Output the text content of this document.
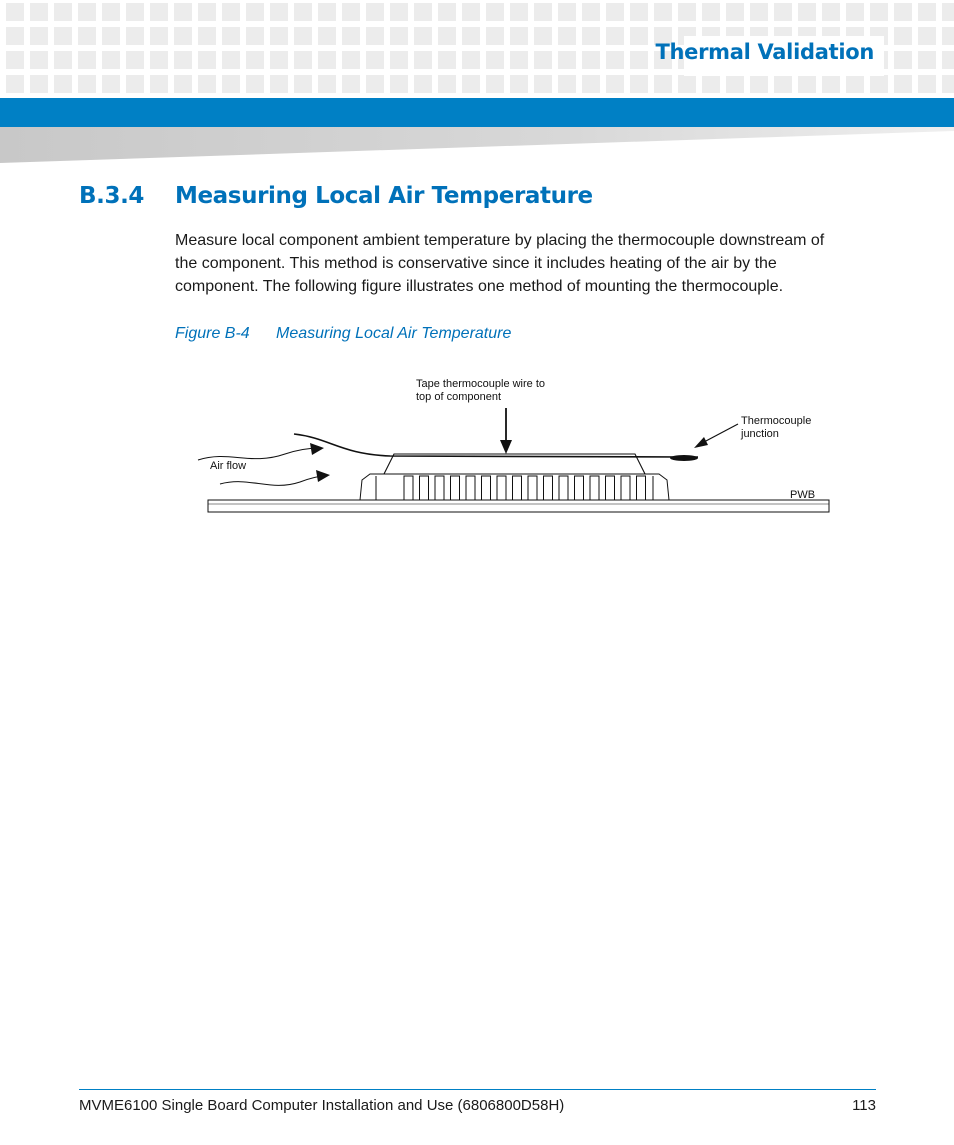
Thermal Validation
B.3.4	Measuring Local Air Temperature
Measure local component ambient temperature by placing the thermocouple downstream of
the component. This method is conservative since it includes heating of the air by the
component. The following figure illustrates one method of mounting the thermocouple.
Figure B-4	Measuring Local Air Temperature
Tape thermocouple wire to
top of component
Thermocouple
junction
Air flow
PWB
MVME6100 Single Board Computer Installation and Use (6806800D58H)	113
